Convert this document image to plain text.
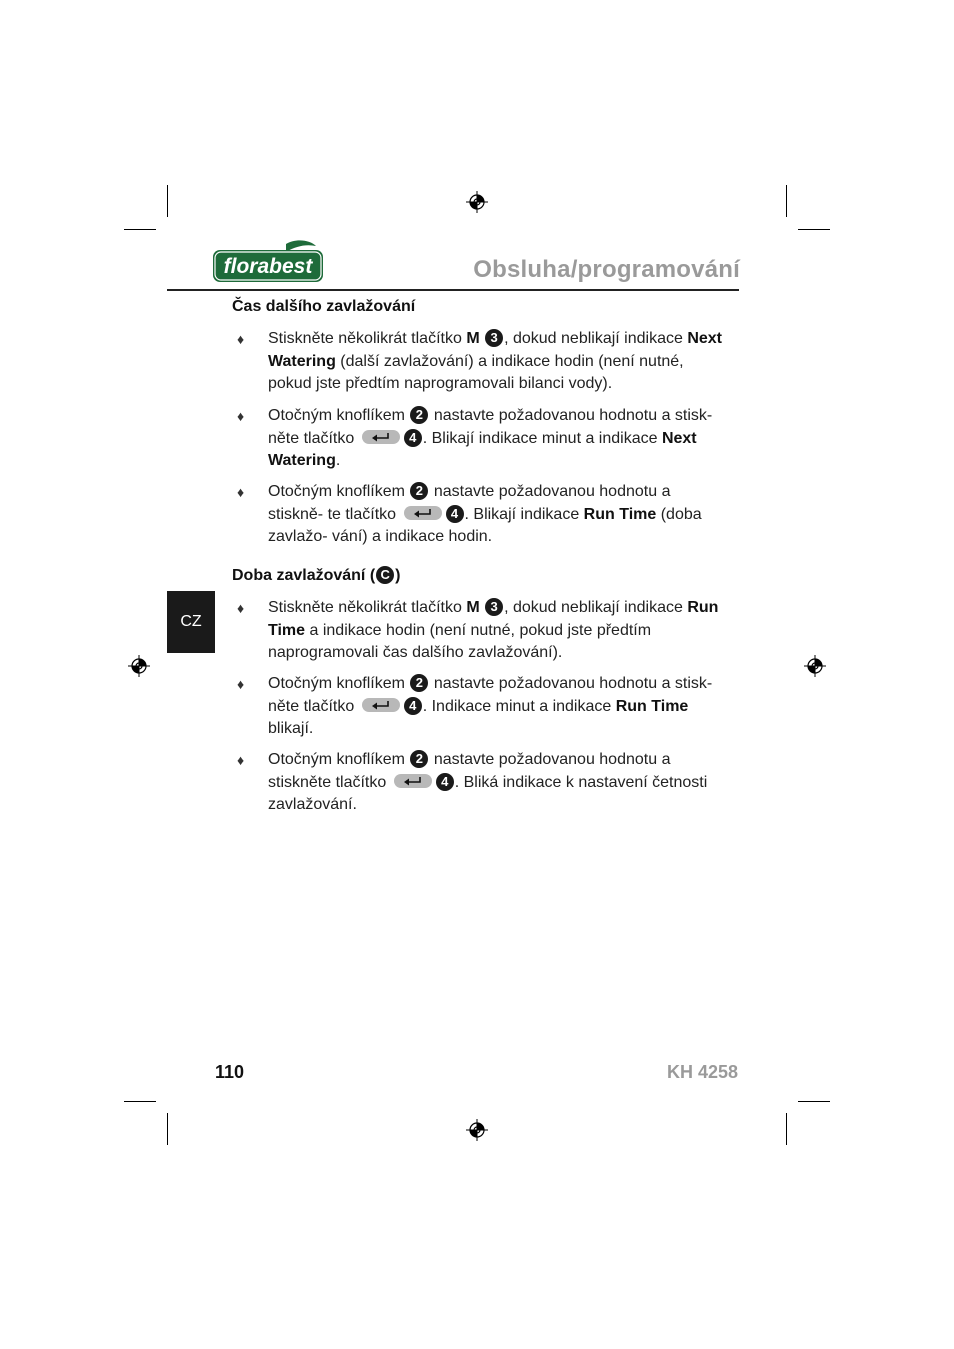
florabest	Obsluha/programování
Čas dalšího zavlažování
♦ Stiskněte několikrát tlačítko M 3 , dokud neblikají indikace Next Watering (další zavlažování) a indikace hodin (není nutné, pokud jste předtím naprogramovali bilanci vody).
♦ Otočným knoflíkem 2 nastavte požadovanou hodnotu a stisk- něte tlačítko	4 . Blikají indikace minut a indikace Next Watering.
♦ Otočným knoflíkem 2 nastavte požadovanou hodnotu a stiskně- te tlačítko	4 . Blikají indikace Run Time (doba zavlažo- vání) a indikace hodin.
Doba zavlažování ( C )
CZ
♦ Stiskněte několikrát tlačítko M 3 , dokud neblikají indikace Run Time a indikace hodin (není nutné, pokud jste předtím naprogramovali čas dalšího zavlažování).
♦ Otočným knoflíkem 2 nastavte požadovanou hodnotu a stisk- něte tlačítko	4 . Indikace minut a indikace Run Time blikají.
♦ Otočným knoflíkem 2 nastavte požadovanou hodnotu a stiskněte tlačítko	4 . Bliká indikace k nastavení četnosti zavlažování.
110	KH 4258
